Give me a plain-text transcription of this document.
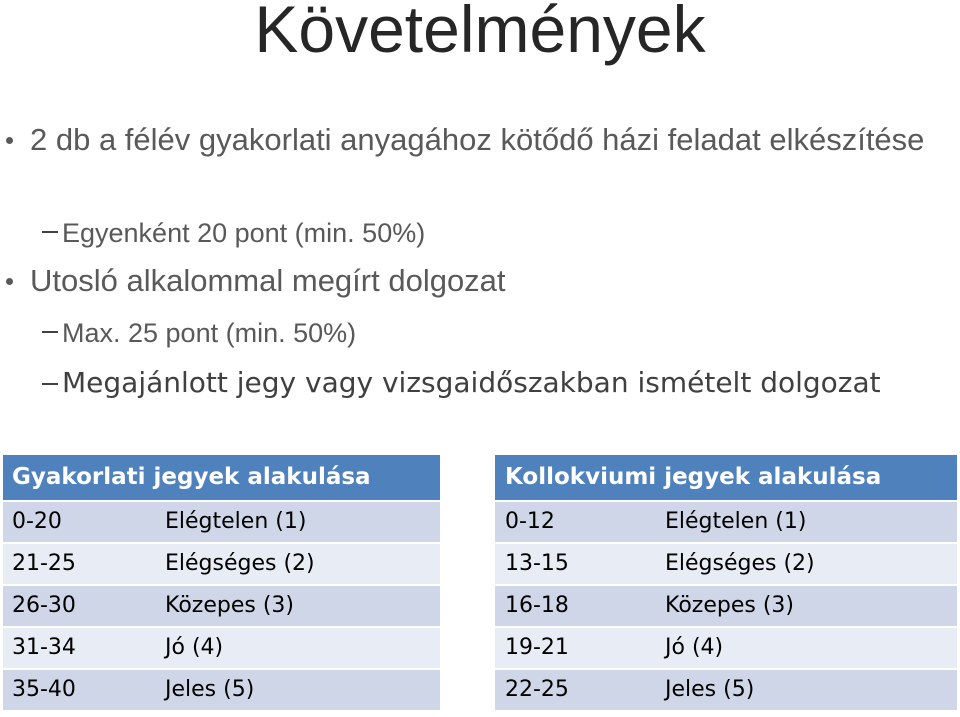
Követelmények
2 db a félév gyakorlati anyagához kötődő házi feladat elkészítése
Egyenként 20 pont (min. 50%)
Utosló alkalommal megírt dolgozat
Max. 25 pont (min. 50%)
Megajánlott jegy vagy vizsgaidőszakban ismételt dolgozat
Gyakorlati jegyek alakulása
0-20	Elégtelen (1)
21-25	Elégséges (2)
26-30	Közepes (3)
31-34	Jó (4)
35-40	Jeles (5)
Kollokviumi jegyek alakulása
0-12	Elégtelen (1)
13-15	Elégséges (2)
16-18	Közepes (3)
19-21	Jó (4)
22-25	Jeles (5)
